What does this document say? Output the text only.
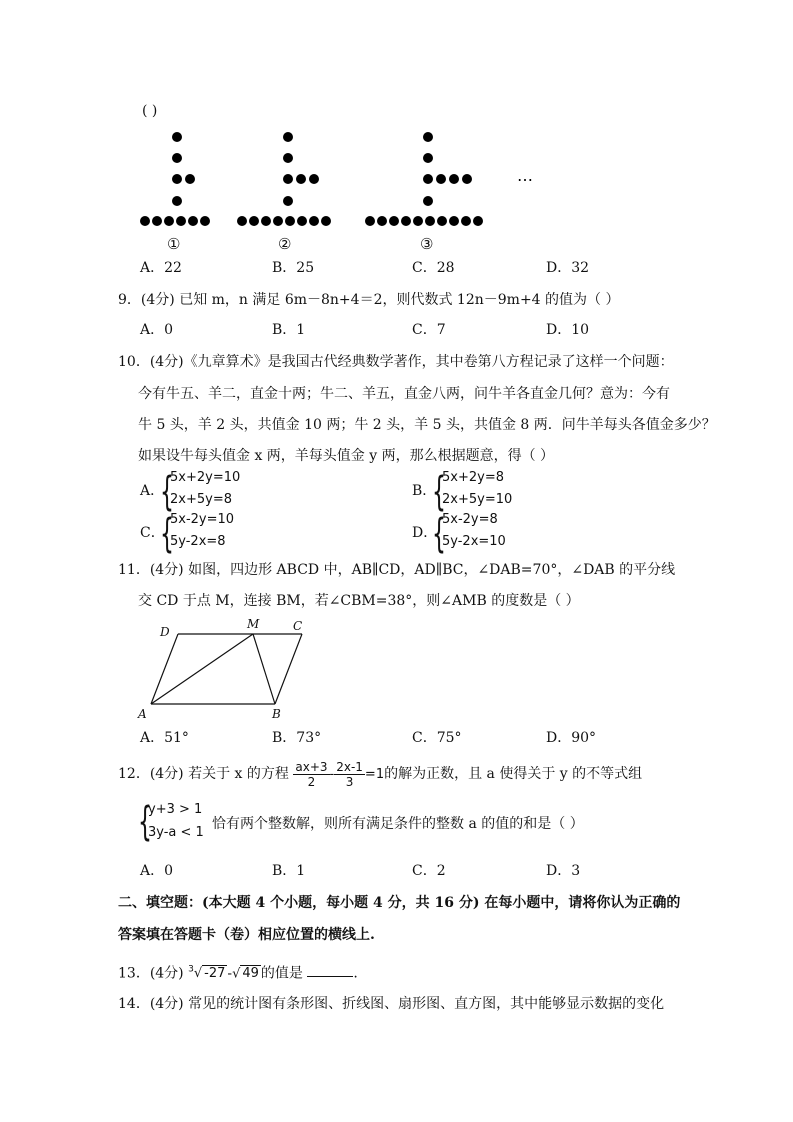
( )
…
①	②	③
A．22	B．25	C．28	D．32
9．(4分) 已知 m，n 满足 6m－8n+4＝2，则代数式 12n－9m+4 的值为（ ）
A．0	B．1	C．7	D．10
10．(4分)《九章算术》是我国古代经典数学著作，其中卷第八方程记录了这样一个问题：
今有牛五、羊二，直金十两；牛二、羊五，直金八两，问牛羊各直金几何？意为：今有
牛 5 头，羊 2 头，共值金 10 两；牛 2 头，羊 5 头，共值金 8 两．问牛羊每头各值金多少？
如果设牛每头值金 x 两，羊每头值金 y 两，那么根据题意，得（ ）
A．
{
5x+2y=10
2x+5y=8
B．
{
5x+2y=8
2x+5y=10
C．
{
5x-2y=10
5y-2x=8
D．
{
5x-2y=8
5y-2x=10
11．(4分) 如图，四边形 ABCD 中，AB∥CD，AD∥BC，∠DAB=70°，∠DAB 的平分线
交 CD 于点 M，连接 BM，若∠CBM=38°，则∠AMB 的度数是（ ）
D
M	C
A	B
A．51°	B．73°	C．75°	D．90°
12．(4分) 若关于 x 的方程 $\frac{ax+3}{2} - \frac{2x-1}{3} =1$的解为正数，且 a 使得关于 y 的不等式组
{
y+3 > 1
3y-a < 1
恰有两个整数解，则所有满足条件的整数 a 的值的和是（ ）
A．0	B．1	C．2	D．3
二、填空题：(本大题 4 个小题，每小题 4 分，共 16 分) 在每小题中，请将你认为正确的
答案填在答题卡（卷）相应位置的横线上.
13．(4分) $^3$√ -27 -√ 49 的值是	.
14．(4分) 常见的统计图有条形图、折线图、扇形图、直方图，其中能够显示数据的变化
